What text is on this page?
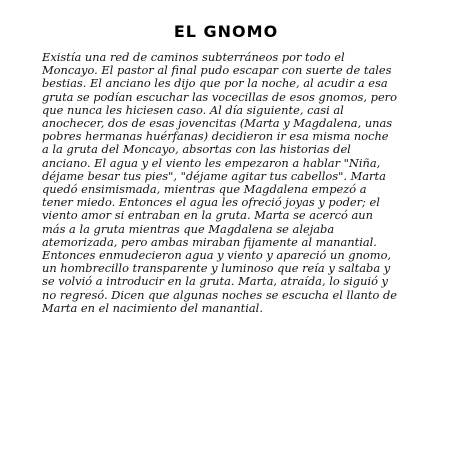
EL GNOMO
Existía una red de caminos subterráneos por todo el
Moncayo. El pastor al final pudo escapar con suerte de tales
bestias. El anciano les dijo que por la noche, al acudir a esa
gruta se podían escuchar las vocecillas de esos gnomos, pero
que nunca les hiciesen caso. Al día siguiente, casi al
anochecer, dos de esas jovencitas (Marta y Magdalena, unas
pobres hermanas huérfanas) decidieron ir esa misma noche
a la gruta del Moncayo, absortas con las historias del
anciano. El agua y el viento les empezaron a hablar "Niña,
déjame besar tus pies", "déjame agitar tus cabellos". Marta
quedó ensimismada, mientras que Magdalena empezó a
tener miedo. Entonces el agua les ofreció joyas y poder; el
viento amor si entraban en la gruta. Marta se acercó aun
más a la gruta mientras que Magdalena se alejaba
atemorizada, pero ambas miraban fijamente al manantial.
Entonces enmudecieron agua y viento y apareció un gnomo,
un hombrecillo transparente y luminoso que reía y saltaba y
se volvió a introducir en la gruta. Marta, atraída, lo siguió y
no regresó. Dicen que algunas noches se escucha el llanto de
Marta en el nacimiento del manantial.
